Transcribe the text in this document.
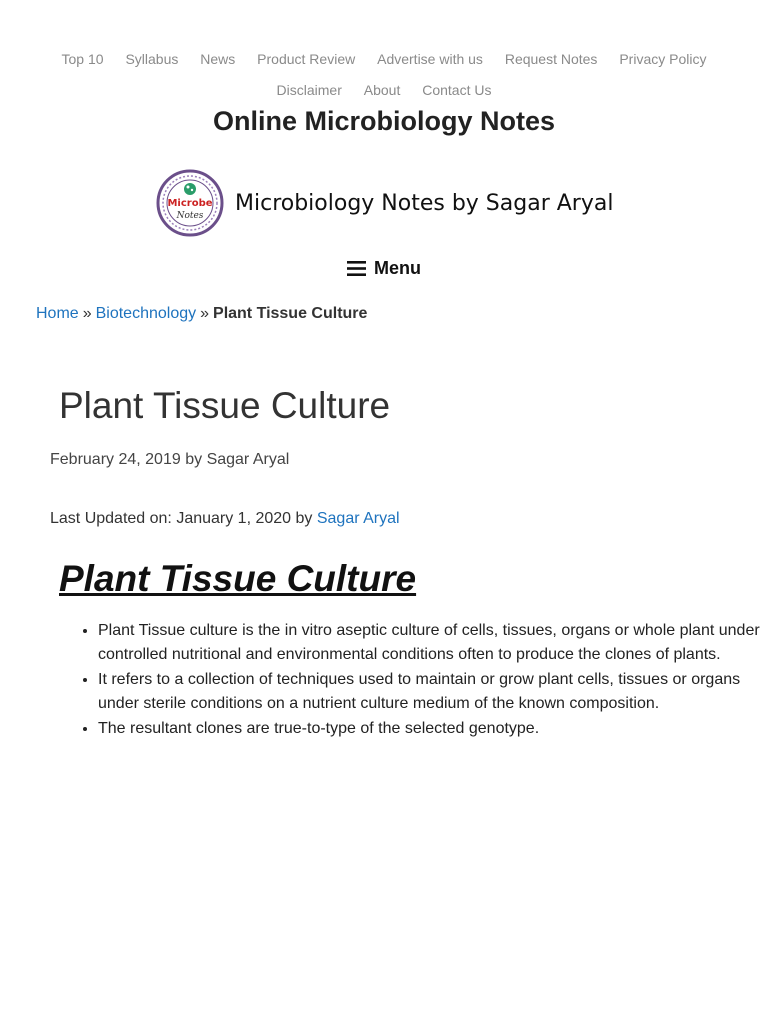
Top 10 Syllabus News Product Review Advertise with us Request Notes Privacy Policy
Disclaimer About Contact Us
Online Microbiology Notes
Microbe
Notes
Microbiology Notes by Sagar Aryal
Menu
Home » Biotechnology » Plant Tissue Culture
Plant Tissue Culture
February 24, 2019 by Sagar Aryal
Last Updated on: January 1, 2020 by Sagar Aryal
Plant Tissue Culture
• Plant Tissue culture is the in vitro aseptic culture of cells, tissues, organs or whole plant under controlled nutritional and environmental conditions often to produce the clones of plants.
• It refers to a collection of techniques used to maintain or grow plant cells, tissues or organs under sterile conditions on a nutrient culture medium of the known composition.
• The resultant clones are true-to-type of the selected genotype.
